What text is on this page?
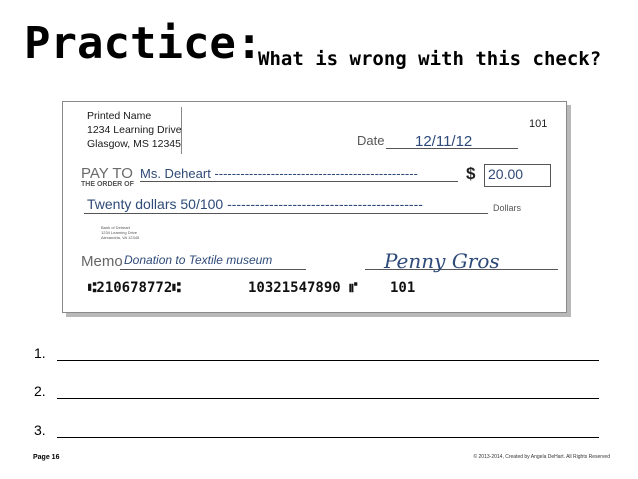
Practice:
What is wrong with this check?
Printed Name
1234 Learning Drive
Glasgow, MS 12345
101
Date 12/11/12
PAY TO
THE ORDER OF
Ms. Deheart -----------------------------------------------	$ 20.00
Twenty dollars 50/100 ------------------------------------------	Dollars
Bank of Deheart
1234 Learning Drive
Alexandria, VA 12345
Memo Donation to Textile museum	Penny Gros
⑆210678772⑆	10321547890 ⑈ 101
1.
2.
3.
Page 16	© 2013-2014, Created by Angela DeHart. All Rights Reserved
